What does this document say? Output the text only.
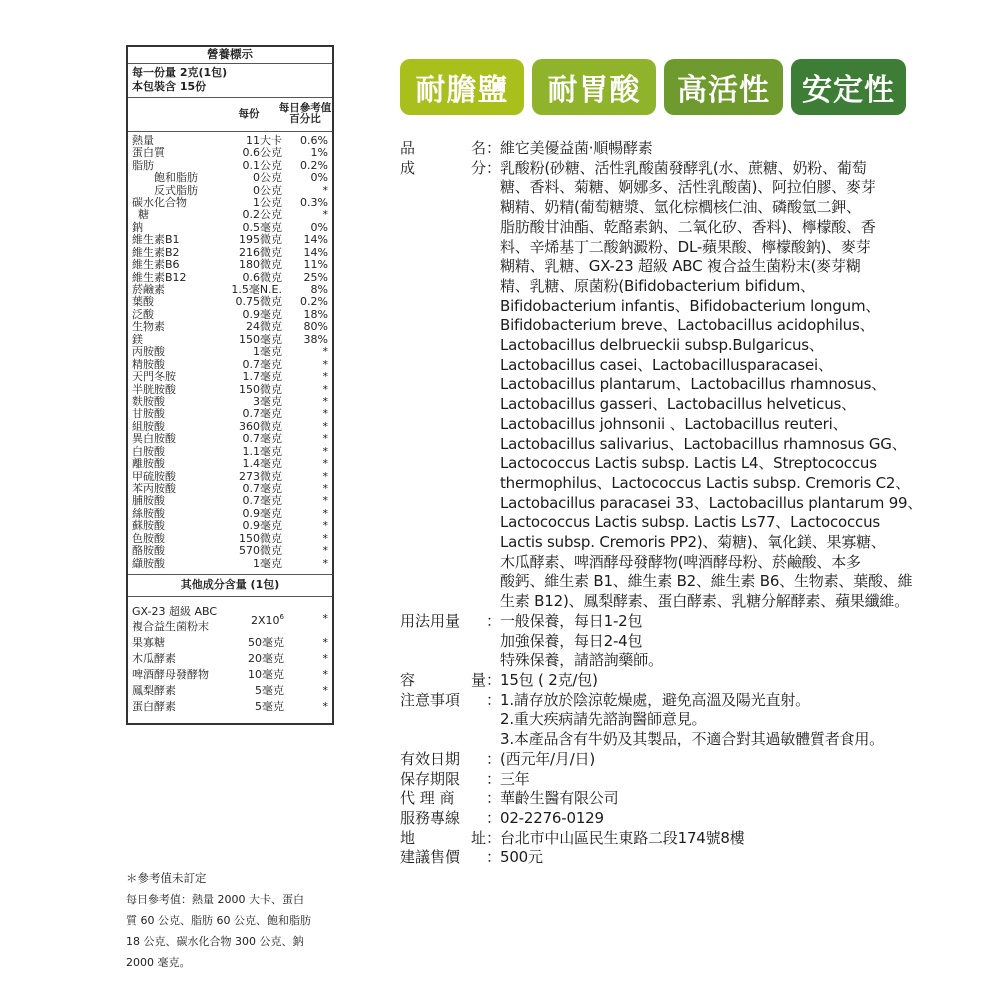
營養標示
每一份量 2克(1包)
本包裝含 15份
每份	每日參考值
百分比
熱量	11大卡	0.6%
蛋白質	0.6公克	1%
脂肪	0.1公克	0.2%
飽和脂肪	0公克	0%
反式脂肪	0公克	*
碳水化合物	1公克	0.3%
糖	0.2公克	*
鈉	0.5毫克	0%
維生素B1	195微克	14%
維生素B2	216微克	14%
維生素B6	180微克	11%
維生素B12	0.6微克	25%
菸鹼素	1.5毫N.E.	8%
葉酸	0.75微克	0.2%
泛酸	0.9毫克	18%
生物素	24微克	80%
鎂	150毫克	38%
丙胺酸	1毫克	*
精胺酸	0.7毫克	*
天門冬胺	1.7毫克	*
半胱胺酸	150微克	*
麩胺酸	3毫克	*
甘胺酸	0.7毫克	*
組胺酸	360微克	*
異白胺酸	0.7毫克	*
白胺酸	1.1毫克	*
離胺酸	1.4毫克	*
甲硫胺酸	273微克	*
苯丙胺酸	0.7毫克	*
脯胺酸	0.7毫克	*
絲胺酸	0.9毫克	*
蘇胺酸	0.9毫克	*
色胺酸	150微克	*
酪胺酸	570微克	*
纈胺酸	1毫克	*
其他成分含量 (1包)
GX-23 超級 ABC
複合益生菌粉末	$2X10^6$	*
果寡糖	50毫克	*
木瓜酵素	20毫克	*
啤酒酵母發酵物	10毫克	*
鳳梨酵素	5毫克	*
蛋白酵素	5毫克	*
＊參考值未訂定
每日參考值：熱量 2000 大卡、蛋白
質 60 公克、脂肪 60 公克、飽和脂肪
18 公克、碳水化合物 300 公克、鈉
2000 毫克。
耐膽鹽	耐胃酸	高活性	安定性
品	名 ：
維它美優益菌‧順暢酵素
成	分 ：
乳酸粉(砂糖、活性乳酸菌發酵乳(水、蔗糖、奶粉、葡萄
糖、香料、菊糖、婀娜多、活性乳酸菌)、阿拉伯膠、麥芽
糊精、奶精(葡萄糖漿、氫化棕櫚核仁油、磷酸氫二鉀、
脂肪酸甘油酯、乾酪素鈉、二氧化矽、香料)、檸檬酸、香
料、辛烯基丁二酸鈉澱粉、DL-蘋果酸、檸檬酸鈉)、麥芽
糊精、乳糖、GX-23 超級 ABC 複合益生菌粉末(麥芽糊
精、乳糖、原菌粉(Bifidobacterium bifidum、
Bifidobacterium infantis、Bifidobacterium longum、
Bifidobacterium breve、Lactobacillus acidophilus、
Lactobacillus delbrueckii subsp.Bulgaricus、
Lactobacillus casei、Lactobacillusparacasei、
Lactobacillus plantarum、Lactobacillus rhamnosus、
Lactobacillus gasseri、Lactobacillus helveticus、
Lactobacillus johnsonii 、Lactobacillus reuteri、
Lactobacillus salivarius、Lactobacillus rhamnosus GG、
Lactococcus Lactis subsp. Lactis L4、Streptococcus
thermophilus、Lactococcus Lactis subsp. Cremoris C2、
Lactobacillus paracasei 33、Lactobacillus plantarum 99、
Lactococcus Lactis subsp. Lactis Ls77、Lactococcus
Lactis subsp. Cremoris PP2)、菊糖)、氧化鎂、果寡糖、
木瓜酵素、啤酒酵母發酵物(啤酒酵母粉、菸鹼酸、本多
酸鈣、維生素 B1、維生素 B2、維生素 B6、生物素、葉酸、維
生素 B12)、鳳梨酵素、蛋白酵素、乳糖分解酵素、蘋果纖維。
用法用量	：
一般保養，每日1-2包
加強保養，每日2-4包
特殊保養，請諮詢藥師。
容	量 ：
15包 ( 2克/包)
注意事項	：
1.請存放於陰涼乾燥處，避免高溫及陽光直射。
2.重大疾病請先諮詢醫師意見。
3.本產品含有牛奶及其製品，不適合對其過敏體質者食用。
有效日期	：
(西元年/月/日)
保存期限	：
三年
代 理 商	：
華齡生醫有限公司
服務專線	：
02-2276-0129
地	址 ：
台北市中山區民生東路二段174號8樓
建議售價	：
500元
